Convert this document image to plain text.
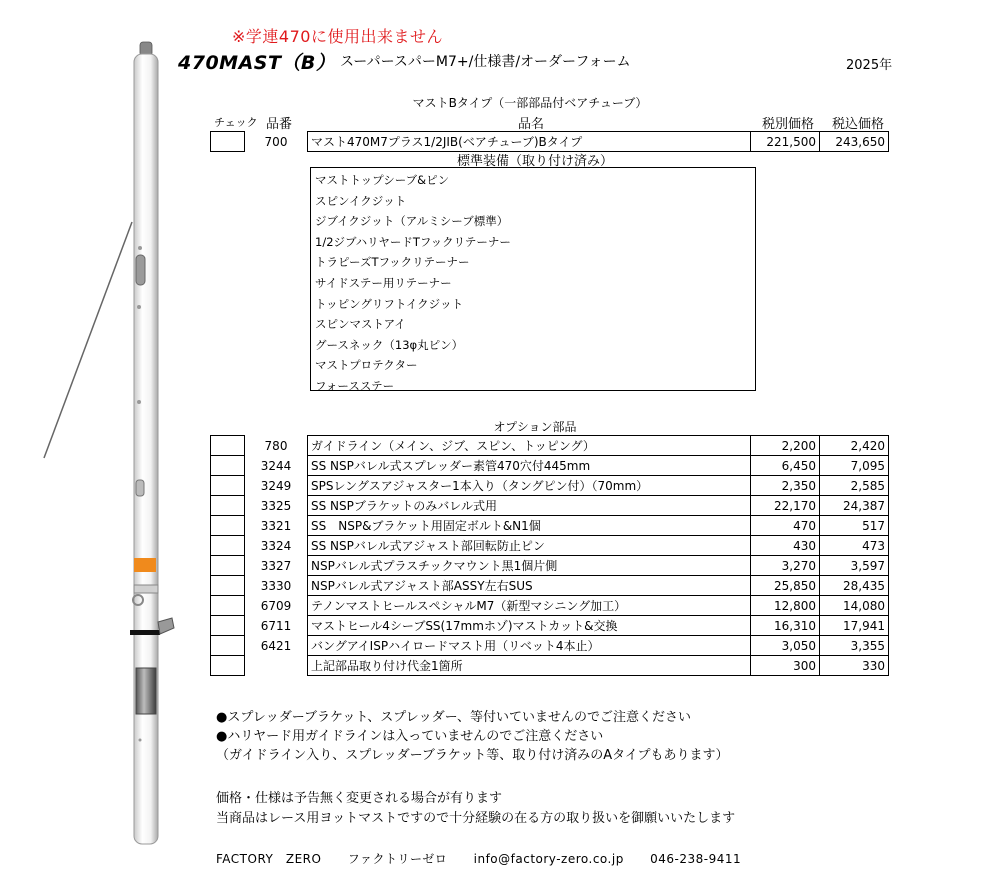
※学連470に使用出来ません
470MAST（B） スーパースパーM7+/仕様書/オーダーフォーム	2025年
マストBタイプ（一部部品付ベアチューブ）
チェック 品番	品名	税別価格 税込価格
	700	マスト470M7プラス1/2JIB(ベアチューブ)Bタイプ	221,500	243,650
標準装備（取り付け済み）
マストトップシーブ&ピン
スピンイクジット
ジブイクジット（アルミシーブ標準）
1/2ジブハリヤードTフックリテーナー
トラピーズTフックリテーナー
サイドステー用リテーナー
トッピングリフトイクジット
スピンマストアイ
グースネック（13φ丸ピン）
マストプロテクター
フォースステー
オプション部品
	780	ガイドライン（メイン、ジブ、スピン、トッピング）	2,200	2,420
	3244	SS NSPバレル式スプレッダー素管470穴付445mm	6,450	7,095
	3249	SPSレングスアジャスター1本入り（タングピン付）（70mm）	2,350	2,585
	3325	SS NSPブラケットのみバレル式用	22,170	24,387
	3321	SS　NSP&ブラケット用固定ボルト&N1個	470	517
	3324	SS NSPバレル式アジャスト部回転防止ピン	430	473
	3327	NSPバレル式プラスチックマウント黒1個片側	3,270	3,597
	3330	NSPバレル式アジャスト部ASSY左右SUS	25,850	28,435
	6709	テノンマストヒールスペシャルM7（新型マシニング加工）	12,800	14,080
	6711	マストヒール4シーブSS(17mmホゾ)マストカット&交換	16,310	17,941
	6421	バングアイISPハイロードマスト用（リベット4本止）	3,050	3,355
		上記部品取り付け代金1箇所	300	330
●スプレッダーブラケット、スプレッダー、等付いていませんのでご注意ください
●ハリヤード用ガイドラインは入っていませんのでご注意ください
（ガイドライン入り、スプレッダーブラケット等、取り付け済みのAタイプもあります）
価格・仕様は予告無く変更される場合が有ります
当商品はレース用ヨットマストですので十分経験の在る方の取り扱いを御願いいたします
FACTORY　ZERO ファクトリーゼロ info@factory-zero.co.jp 046-238-9411
